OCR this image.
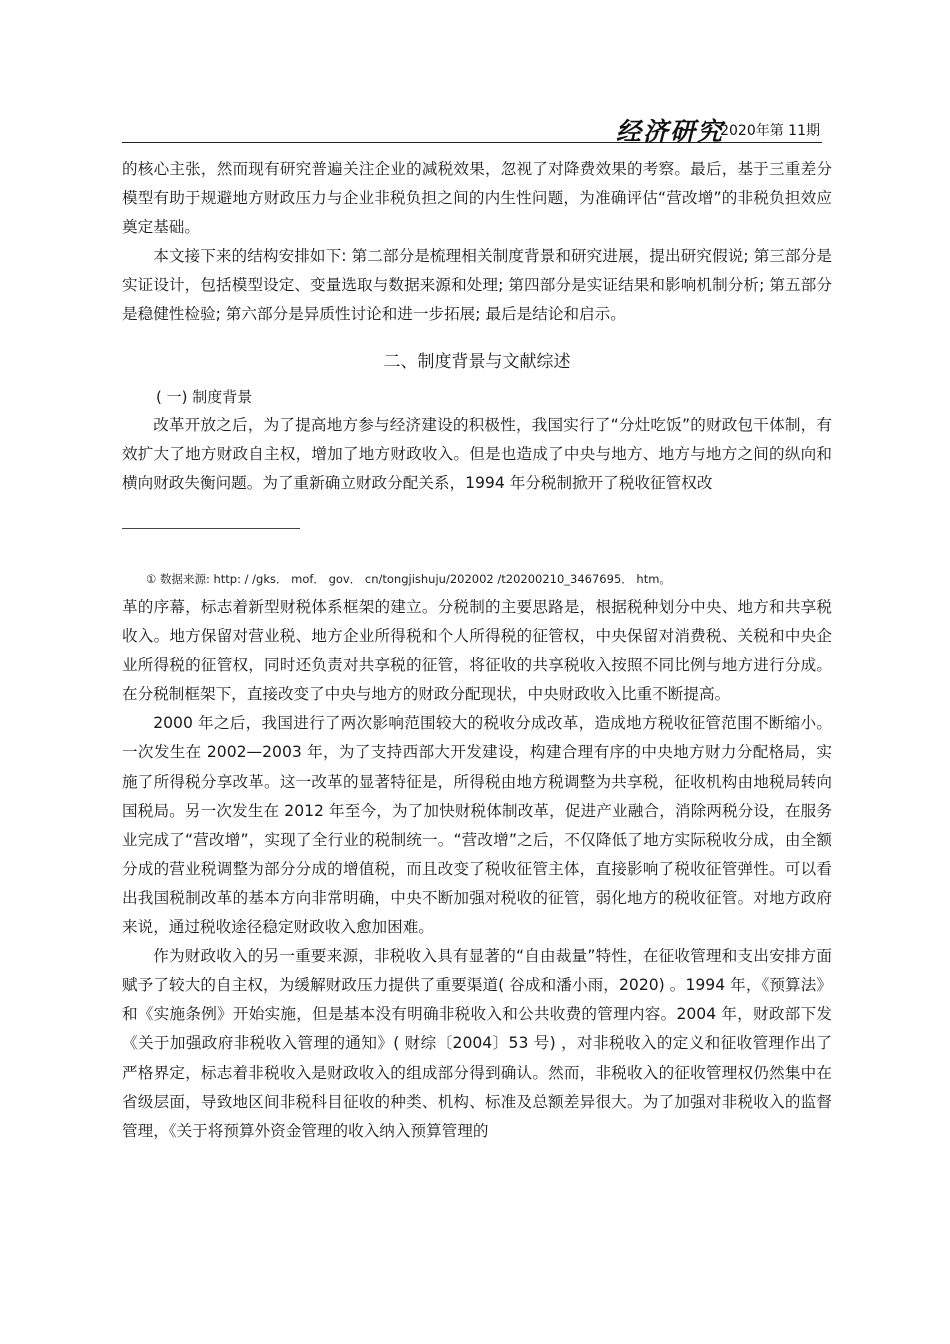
经济研究
2020年第 11期

的核心主张，然而现有研究普遍关注企业的减税效果，忽视了对降费效果的考察。最后，基于三重差分模型有助于规避地方财政压力与企业非税负担之间的内生性问题，为准确评估“营改增”的非税负担效应奠定基础。

本文接下来的结构安排如下: 第二部分是梳理相关制度背景和研究进展，提出研究假说; 第三部分是实证设计，包括模型设定、变量选取与数据来源和处理; 第四部分是实证结果和影响机制分析; 第五部分是稳健性检验; 第六部分是异质性讨论和进一步拓展; 最后是结论和启示。

二、制度背景与文献综述
( 一) 制度背景

改革开放之后，为了提高地方参与经济建设的积极性，我国实行了“分灶吃饭”的财政包干体制，有效扩大了地方财政自主权，增加了地方财政收入。但是也造成了中央与地方、地方与地方之间的纵向和横向财政失衡问题。为了重新确立财政分配关系，1994 年分税制掀开了税收征管权改

① 数据来源: http: / /gks． mof． gov． cn/tongjishuju/202002 /t20200210_3467695． htm。

革的序幕，标志着新型财税体系框架的建立。分税制的主要思路是，根据税种划分中央、地方和共享税收入。地方保留对营业税、地方企业所得税和个人所得税的征管权，中央保留对消费税、关税和中央企业所得税的征管权，同时还负责对共享税的征管，将征收的共享税收入按照不同比例与地方进行分成。在分税制框架下，直接改变了中央与地方的财政分配现状，中央财政收入比重不断提高。

2000 年之后，我国进行了两次影响范围较大的税收分成改革，造成地方税收征管范围不断缩小。一次发生在 2002—2003 年，为了支持西部大开发建设，构建合理有序的中央地方财力分配格局，实施了所得税分享改革。这一改革的显著特征是，所得税由地方税调整为共享税，征收机构由地税局转向国税局。另一次发生在 2012 年至今，为了加快财税体制改革，促进产业融合，消除两税分设，在服务业完成了“营改增”，实现了全行业的税制统一。“营改增”之后，不仅降低了地方实际税收分成，由全额分成的营业税调整为部分分成的增值税，而且改变了税收征管主体，直接影响了税收征管弹性。可以看出我国税制改革的基本方向非常明确，中央不断加强对税收的征管，弱化地方的税收征管。对地方政府来说，通过税收途径稳定财政收入愈加困难。

作为财政收入的另一重要来源，非税收入具有显著的“自由裁量”特性，在征收管理和支出安排方面赋予了较大的自主权，为缓解财政压力提供了重要渠道( 谷成和潘小雨，2020) 。1994 年，《预算法》和《实施条例》开始实施，但是基本没有明确非税收入和公共收费的管理内容。2004 年，财政部下发《关于加强政府非税收入管理的通知》( 财综〔2004〕53 号) ，对非税收入的定义和征收管理作出了严格界定，标志着非税收入是财政收入的组成部分得到确认。然而，非税收入的征收管理权仍然集中在省级层面，导致地区间非税科目征收的种类、机构、标准及总额差异很大。为了加强对非税收入的监督管理，《关于将预算外资金管理的收入纳入预算管理的
